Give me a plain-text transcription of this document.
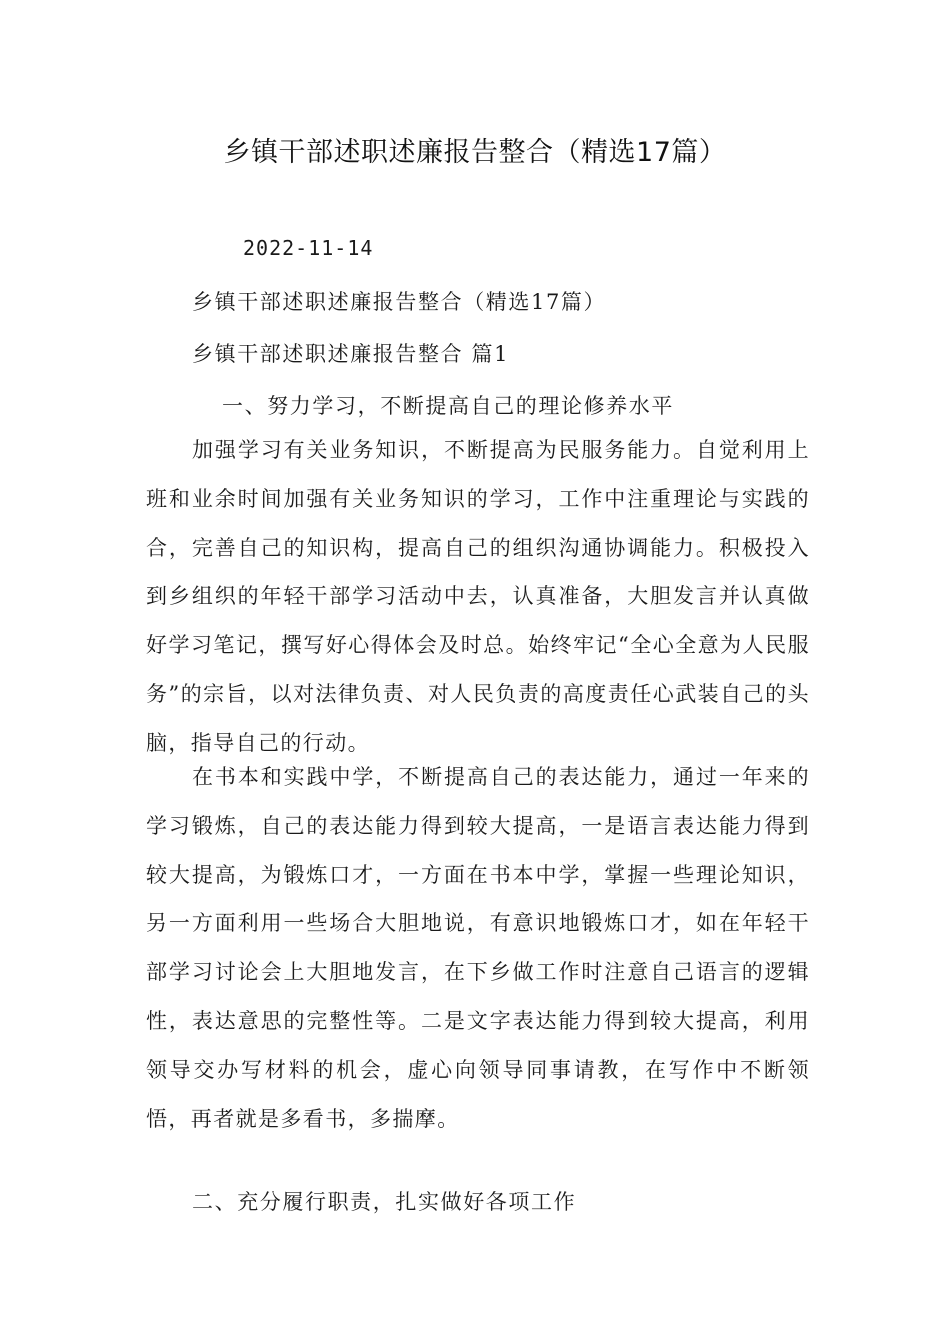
乡镇干部述职述廉报告整合（精选17篇）
2022-11-14
乡镇干部述职述廉报告整合（精选17篇）
乡镇干部述职述廉报告整合 篇1
一、努力学习，不断提高自己的理论修养水平

加强学习有关业务知识，不断提高为民服务能力。自觉利用上班和业余时间加强有关业务知识的学习，工作中注重理论与实践的合，完善自己的知识构，提高自己的组织沟通协调能力。积极投入到乡组织的年轻干部学习活动中去，认真准备，大胆发言并认真做好学习笔记，撰写好心得体会及时总。始终牢记“全心全意为人民服务”的宗旨，以对法律负责、对人民负责的高度责任心武装自己的头脑，指导自己的行动。

在书本和实践中学，不断提高自己的表达能力，通过一年来的学习锻炼，自己的表达能力得到较大提高，一是语言表达能力得到较大提高，为锻炼口才，一方面在书本中学，掌握一些理论知识，另一方面利用一些场合大胆地说，有意识地锻炼口才，如在年轻干部学习讨论会上大胆地发言，在下乡做工作时注意自己语言的逻辑性，表达意思的完整性等。二是文字表达能力得到较大提高，利用领导交办写材料的机会，虚心向领导同事请教，在写作中不断领悟，再者就是多看书，多揣摩。

二、充分履行职责，扎实做好各项工作
